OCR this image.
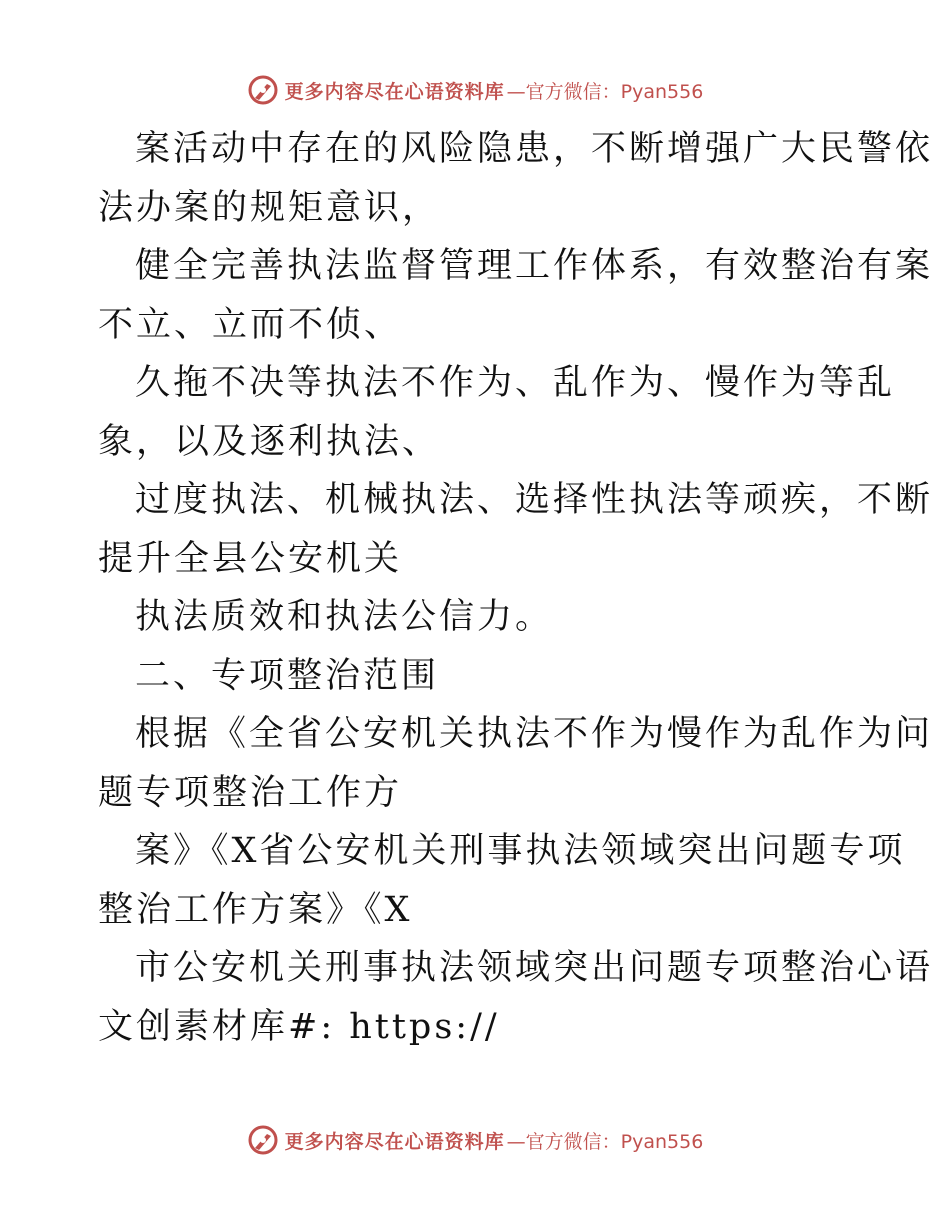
更多内容尽在心语资料库 —官方微信：Pyan556
案活动中存在的风险隐患，不断增强广大民警依
法办案的规矩意识，
健全完善执法监督管理工作体系，有效整治有案
不立、立而不侦、
久拖不决等执法不作为、乱作为、慢作为等乱
象，以及逐利执法、
过度执法、机械执法、选择性执法等顽疾，不断
提升全县公安机关
执法质效和执法公信力。
二、专项整治范围
根据《全省公安机关执法不作为慢作为乱作为问
题专项整治工作方
案》《X省公安机关刑事执法领域突出问题专项
整治工作方案》《X
市公安机关刑事执法领域突出问题专项整治心语
文创素材库#: https://
更多内容尽在心语资料库 —官方微信：Pyan556
